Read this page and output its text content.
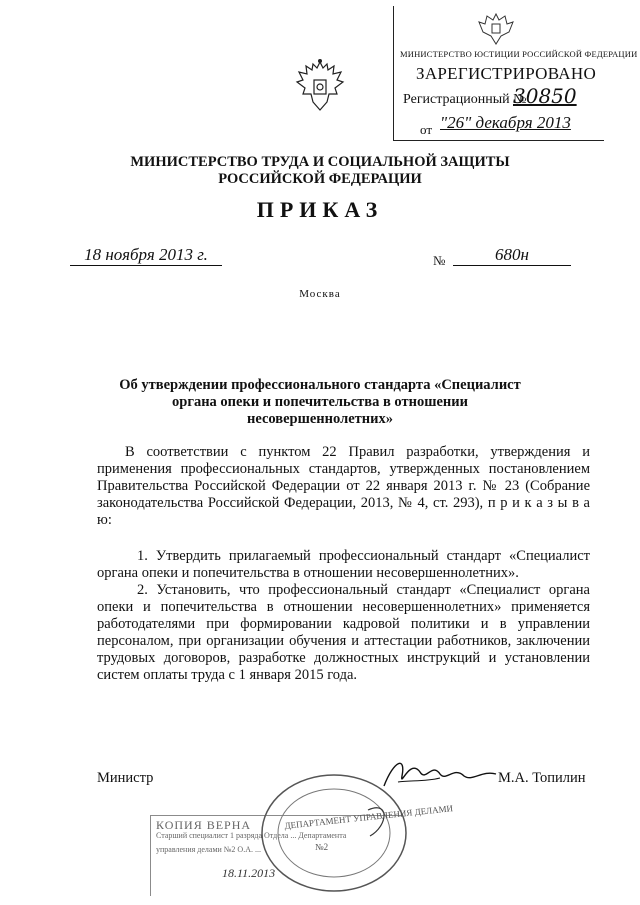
МИНИСТЕРСТВО ЮСТИЦИИ РОССИЙСКОЙ ФЕДЕРАЦИИ
ЗАРЕГИСТРИРОВАНО
Регистрационный №
30850
от "26" декабря 2013
МИНИСТЕРСТВО ТРУДА И СОЦИАЛЬНОЙ ЗАЩИТЫ РОССИЙСКОЙ ФЕДЕРАЦИИ
ПРИКАЗ
18 ноября 2013 г.	№	680н
Москва
Об утверждении профессионального стандарта «Специалист органа опеки и попечительства в отношении несовершеннолетних»
В соответствии с пунктом 22 Правил разработки, утверждения и применения профессиональных стандартов, утвержденных постановлением Правительства Российской Федерации от 22 января 2013 г. № 23 (Собрание законодательства Российской Федерации, 2013, № 4, ст. 293), п р и к а з ы в а ю:
1. Утвердить прилагаемый профессиональный стандарт «Специалист органа опеки и попечительства в отношении несовершеннолетних».
2. Установить, что профессиональный стандарт «Специалист органа опеки и попечительства в отношении несовершеннолетних» применяется работодателями при формировании кадровой политики и в управлении персоналом, при организации обучения и аттестации работников, заключении трудовых договоров, разработке должностных инструкций и установлении систем оплаты труда с 1 января 2015 года.
Министр	М.А. Топилин
КОПИЯ ВЕРНА
Старший специалист 1 разряда Отдела ... Департамента
управления делами №2 О.А. ...
18.11.2013
ДЕПАРТАМЕНТ УПРАВЛЕНИЯ ДЕЛАМИ
№2
